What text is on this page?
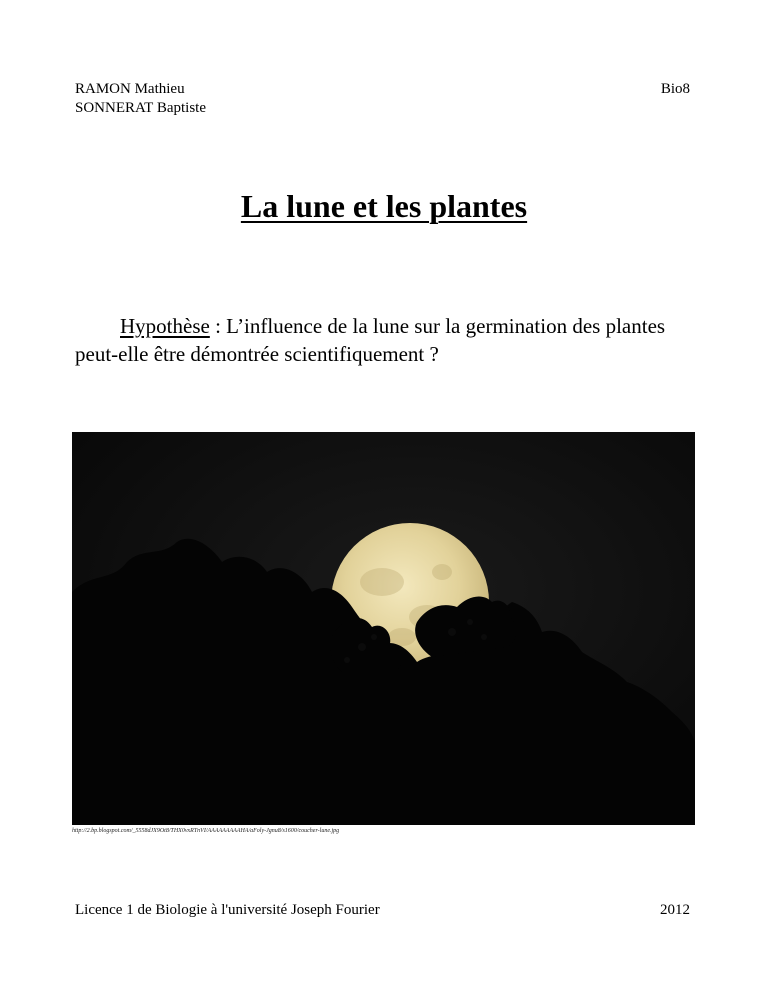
RAMON Mathieu
SONNERAT Baptiste
Bio8
La lune et les plantes

Hypothèse : L’influence de la lune sur la germination des plantes peut-elle être démontrée scientifiquement ?

http://2.bp.blogspot.com/_5558dJX9Ot8/THX0vxRTnVI/AAAAAAAAAHA/aFoly-Jgnu8/s1600/coucher-lune.jpg
Licence 1 de Biologie à l'université Joseph Fourier	2012
